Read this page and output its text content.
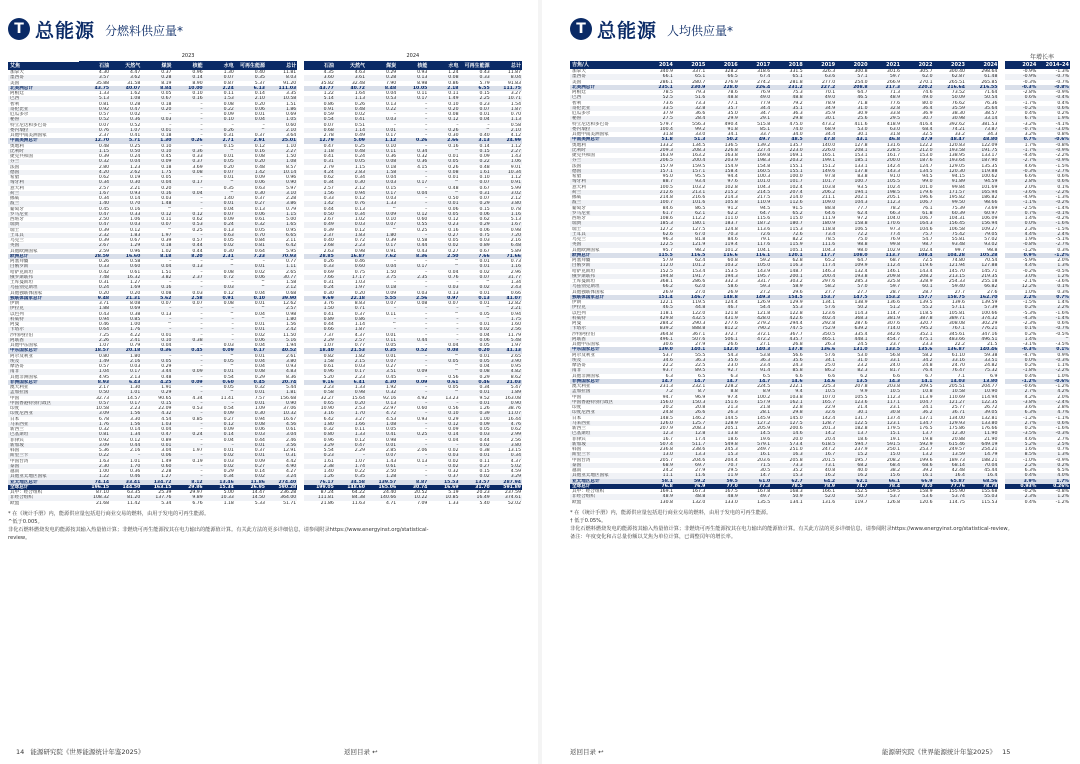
T 总能源 分燃料供应量*
	2023								2024						
艾焦	石油	天然气	煤炭	核能	水电	可再生能源	总计		石油	天然气	煤炭	核能	水电	可再生能源	总计
加拿大	4.30	4.47	0.37	0.96	1.30	0.40	11.81		4.35	4.63	0.29	0.93	1.24	0.43	11.87
墨西哥	3.57	3.62	0.28	0.14	0.07	0.35	8.03		3.60	3.61	0.28	0.13	0.08	0.33	8.04
美国	35.88	31.58	8.19	8.90	0.87	5.37	91.20		35.82	32.48	7.90	8.98	0.86	5.79	91.83
北美洲总计	43.75	40.07	8.84	10.00	2.24	6.13	111.03		43.77	40.72	8.48	10.05	2.18	6.55	111.75
阿根廷	1.33	1.62	0.05	0.10	0.11	0.14	3.35		1.22	1.64	0.04	0.11	0.11	0.15	3.27
巴西	5.13	1.08	0.67	0.16	1.53	2.10	10.58		5.14	1.13	0.53	0.17	1.49	2.25	10.71
智利	0.81	0.28	0.18	–	0.08	0.20	1.51		0.86	0.26	0.13	–	0.10	0.23	1.54
哥伦比亚	0.92	0.47	0.20	–	0.22	0.06	1.86		0.91	0.48	0.22	–	0.20	0.07	1.87
厄瓜多尔	0.57	0.02	–	–	0.09	0.01	0.69		0.59	0.02	–	–	0.08	0.01	0.70
秘鲁	0.52	0.36	0.03	–	0.10	0.04	1.05		0.54	0.41	0.03	–	0.12	0.04	1.13
特立尼达和多巴哥	0.07	0.52	–	–	–	–	0.60		0.07	0.51	–	–	–	–	0.58
委内瑞拉	0.76	1.07	0.01	–	0.26	^	2.10		0.68	1.14	0.01	–	0.26	^	2.10
其他中南美洲国家	2.37	0.41	0.18	–	0.31	0.37	3.64		2.78	0.49	0.17	–	0.30	0.40	4.12
中南美洲总计	12.70	5.71	1.30	0.26	2.71	2.91	25.01		12.79	5.09	1.12	0.26	2.66	3.13	24.99
奥地利	0.48	0.25	0.10	–	0.15	0.12	1.10		0.47	0.25	0.10	–	0.16	0.14	1.12
比利时	1.15	0.50	0.10	0.36	^	0.16	2.27		1.18	0.48	0.11	0.34	^	0.15	2.27
捷克共和国	0.39	0.24	0.45	0.33	0.01	0.08	1.50		0.41	0.24	0.36	0.32	0.01	0.09	1.43
芬兰	0.32	0.04	0.09	0.37	0.05	0.20	1.08		0.31	0.05	0.08	0.36	0.05	0.22	1.06
法国	2.80	1.23	0.18	3.69	0.20	0.48	8.57		2.79	1.15	0.18	4.15	0.26	0.48	9.01
德国	4.20	2.62	1.75	0.08	0.07	1.42	10.14		4.24	2.83	1.58	–	0.08	1.61	10.34
希腊	0.62	0.19	0.05	–	0.01	0.09	0.96		0.62	0.34	0.04	–	0.01	0.10	1.12
匈牙利	0.34	0.30	0.04	0.17	^	0.06	0.90		0.34	0.30	0.03	0.17	^	0.07	0.91
意大利	2.57	2.21	0.20	–	0.35	0.63	5.97		2.57	2.12	0.15	–	0.48	0.67	5.99
荷兰	1.67	0.93	0.16	0.04	^	0.30	3.10		1.56	0.94	0.17	0.04	^	0.31	3.02
挪威	0.34	0.14	0.03	–	1.40	0.37	2.28		0.33	0.12	0.03	–	0.50	0.07	2.12
波兰	1.40	0.70	1.48	–	0.01	0.27	3.86		1.42	0.76	1.33	–	0.01	0.29	3.80
葡萄牙	0.45	0.16	^	–	0.04	0.13	0.79		0.44	0.13	^	–	0.06	0.15	0.78
罗马尼亚	0.47	0.33	0.12	0.12	0.07	0.06	1.15		0.50	0.34	0.09	0.12	0.05	0.06	1.16
西班牙	2.50	1.06	0.11	0.62	0.09	0.61	5.00		2.67	1.02	0.10	0.60	0.12	0.62	5.13
瑞典	0.47	0.03	0.07	0.53	0.24	0.32	1.65		0.49	0.03	0.07	0.55	0.23	0.29	1.67
瑞士	0.39	0.12	^	0.25	0.13	0.05	0.95		0.39	0.12	^	0.25	0.16	0.06	0.98
土耳其	2.32	1.83	1.97	–	0.63	0.70	6.65		2.37	1.83	1.80	–	0.27	0.75	7.20
乌克兰	0.39	0.67	0.39	0.57	0.05	0.84	2.11		0.40	0.72	0.39	0.58	0.05	0.03	2.16
英国	2.67	1.29	0.18	0.44	0.02	0.81	6.42		2.68	2.23	0.17	0.44	0.02	0.89	6.48
其他欧洲国家	2.59	0.96	1.02	0.44	0.30	0.64	5.95		2.63	0.98	0.91	0.43	0.27	0.67	5.89
欧洲总计	28.59	16.60	8.18	8.20	2.31	7.23	70.93		28.85	16.87	7.62	8.36	2.50	7.66	71.66
阿塞拜疆	0.26	0.58	–	–	^	–	0.77		0.26	0.46	–	–	^	0.01	0.73
白俄罗斯	0.33	0.60	0.04	0.13	^	0.01	1.11		0.33	0.60	0.04	0.17	^	0.01	1.16
哈萨克斯坦	0.42	0.61	1.51	–	0.08	0.02	2.65		0.69	0.75	1.50	–	0.04	0.02	2.96
俄罗斯联邦	7.48	16.32	3.82	2.37	0.72	0.06	30.77		7.66	17.17	3.75	2.35	0.76	0.07	31.77
土库曼斯坦	0.31	1.27	–	–	–	^	1.58		0.31	1.03	–	–	–	^	1.34
乌兹别克斯坦	0.24	1.69	0.16	–	0.03	^	2.12		0.24	1.97	0.18	–	0.03	0.02	2.43
其他独联体国家	0.20	0.20	0.08	0.03	0.12	0.04	0.68		0.30	0.20	0.09	0.03	0.13	0.01	0.66
独联体国家总计	9.48	21.31	5.62	2.58	0.91	0.10	39.90		9.69	22.18	5.55	2.56	0.97	0.13	41.07
伊朗	3.71	8.08	0.07	0.07	0.08	0.01	12.62		3.76	8.83	0.07	0.08	0.07	0.01	12.82
伊拉克	1.88	0.69	–	–	–	^	2.57		1.50	0.71	–	–	–	^	2.21
以色列	0.43	0.38	0.13	–	^	0.04	0.98		0.41	0.37	0.11	–	^	0.05	0.94
科威特	0.94	0.85	–	–	–	^	1.80		0.89	0.86	–	–	–	^	1.75
阿曼	0.46	1.00	^	–	–	0.01	1.56		0.44	1.14	^	–	–	0.01	1.60
卡塔尔	0.64	1.76	–	–	–	0.01	2.42		0.66	1.87	–	–	–	0.02	2.56
沙特阿拉伯	7.25	4.22	0.01	–	–	0.02	11.50		7.37	4.37	0.01	–	–	0.04	11.79
阿联酋	2.26	2.41	0.10	0.38	–	0.06	5.16		2.29	2.57	0.11	0.44	–	0.06	5.48
其他中东国家	1.07	0.79	0.04	–	0.03	0.04	1.94		1.07	0.77	0.05	–	0.04	0.05	1.97
中东国家总计	18.57	20.18	0.36	0.45	0.09	0.17	40.52		18.40	21.53	0.35	0.52	0.08	0.20	41.13
阿尔及利亚	0.80	1.80	–	–	^	0.01	2.61		0.82	1.82	0.01	–	^	0.01	2.65
埃及	1.49	2.16	0.05	–	0.05	0.04	3.80		1.58	2.15	0.07	–	0.05	0.05	3.90
摩洛哥	0.57	0.03	0.29	–	^	0.04	0.93		0.61	0.03	0.27	–	^	0.04	0.95
南非	1.04	0.17	3.44	0.09	0.01	0.08	4.83		0.96	0.17	3.51	0.09	^	0.08	4.82
其他非洲国家	4.95	2.13	0.48	–	0.54	0.29	8.36		5.20	2.23	0.45	–	0.56	0.29	8.62
非洲国家总计	8.93	6.43	4.25	0.09	0.60	0.45	20.74		9.16	6.41	4.30	0.09	0.61	0.46	21.03
澳大利亚	2.17	1.30	1.91	–	0.05	0.32	5.44		2.23	1.33	1.92	–	0.05	0.34	5.47
孟加拉国	0.50	1.01	0.29	–	^	0.01	1.81		0.58	0.98	0.32	–	^	0.01	1.89
中国	32.73	14.57	90.65	4.34	11.41	7.57	156.68		32.27	15.64	92.16	4.92	13.23	9.52	163.08
中国香港特别行政区	0.57	0.17	0.15	–	–	0.01	0.90		0.65	0.20	0.13	–	–	0.01	0.90
印度	10.58	2.23	22.09	0.53	0.54	1.09	37.06		10.90	2.53	22.97	0.60	0.56	1.26	38.76
印度尼西亚	3.09	1.56	4.32	–	0.09	0.30	10.32		3.16	1.70	4.72	–	0.10	0.39	11.07
日本	6.78	3.30	4.54	0.85	0.27	0.94	16.67		6.42	3.27	4.53	0.93	0.29	1.00	16.44
马来西亚	1.76	1.56	1.03	–	0.12	0.08	4.56		1.80	1.66	1.08	–	0.12	0.09	4.76
新西兰	0.32	0.14	0.04	–	0.09	0.06	0.61		0.32	0.11	0.05	–	0.09	0.05	0.62
巴基斯坦	0.81	1.34	0.47	0.24	0.14	0.03	3.04		0.80	1.33	0.41	0.25	0.14	0.03	2.99
菲律宾	0.92	0.12	0.89	–	0.04	0.44	2.46		0.96	0.12	0.98	–	0.04	0.44	2.56
新加坡	3.09	0.44	0.01	–	–	0.01	3.56		3.29	0.47	0.01	–	–	0.02	3.80
韩国	5.36	2.16	3.04	1.97	0.01	0.37	12.91		5.54	2.29	2.85	2.06	0.02	0.38	13.15
斯里兰卡	0.22	–	0.06	–	0.02	0.01	0.31		0.23	–	0.07	–	0.03	0.01	0.34
中国台湾	1.63	1.01	1.49	0.19	0.03	0.09	4.42		1.61	1.07	1.43	0.13	0.02	0.11	4.37
泰国	2.30	1.70	0.60	–	0.02	0.27	4.90		2.38	1.74	0.61	–	0.02	0.27	5.02
越南	1.00	0.36	2.28	–	0.29	0.14	4.27		1.40	0.22	2.50	–	0.32	0.15	4.59
其他亚太地区国家	1.22	0.46	1.27	–	0.34	0.02	3.24		1.26	0.35	1.28	–	0.37	0.02	3.29
亚太地区总计	74.14	33.41	134.72	8.12	13.46	11.86	274.40		76.17	34.58	139.57	8.87	15.53	13.57	287.94
全球总计	196.15	144.50	163.15	29.86	15.34	26.95	590.28		199.05	148.60	165.06	30.74	16.69	31.70	591.89
其中：经合组织	87.10	63.35	25.39	29.97	5.00	14.47	236.28		87.24	64.22	24.40	20.52	5.19	20.23	237.59
非经合组织	108.32	81.20	137.76	9.89	10.33	14.50	364.00		111.81	84.38	140.66	10.22	10.85	16.49	374.61
欧盟	21.68	11.42	5.34	6.76	1.18	5.33	51.71		21.86	11.63	4.71	7.09	1.33	5.40	52.02
* 在《统计手册》内，能源供应量包括进行商业交易的燃料，由用于发电的可再生能源。
^低于0.005。
非化石燃料燃烧发电的能源按其输入热量值计算；非燃烧可再生能源按其在电力输出的能源值计算。有关此方法的更多详细信息，请参阅附录https://www.energyinst.org/statistical-
review。
14 能源研究院《世界能源统计年鉴2025》	返回目录 ↩
T 总能源 人均供应量*
年增长率
吉焦/人	2014	2015	2016	2017	2018	2019	2020	2021	2022	2023	2024		2024	2014–24
加拿大	340.9	337.1	328.2	318.6	331.5	326.3	300.8	301.6	305.7	300.40	298.64		-0.9%	-1.3%
墨西哥	66.1	65.1	66.5	67.4	65.1	63.6	57.1	59.7	62.0	62.87	61.48		-0.9%	-0.7%
美国	286.1	280.7	276.9	274.2	281.8	277.0	254.0	266.9	270.1	265.51	265.85		-0.3%	-0.7%
北美洲总计	235.1	230.9	228.0	226.4	231.2	227.2	208.8	217.3	220.2	216.64	216.55		-0.3%	-0.8%
阿根廷	78.5	79.3	78.6	76.9	75.3	70.1	64.7	71.3	74.6	73.52	71.64		-2.8%	-0.9%
巴西	52.5	51.6	48.8	49.0	48.8	49.0	46.5	48.9	49.0	50.09	50.54		0.6%	-0.4%
智利	73.6	73.3	77.1	77.9	79.2	78.9	71.8	77.6	80.0	76.62	76.36		-1.7%	0.4%
哥伦比亚	33.5	32.8	35.7	34.4	35.1	34.9	31.0	32.8	36.4	35.59	35.64		-0.2%	0.6%
厄瓜多尔	37.9	36.6	35.0	34.7	36.3	35.9	30.9	33.8	36.9	38.30	38.57		0.4%	0.2%
秘鲁	27.5	28.4	29.9	29.1	29.8	30.1	25.6	29.5	30.7	30.98	33.14		6.7%	1.9%
特立尼达和多巴哥	579.7	556.3	490.4	515.8	475.0	473.2	411.6	418.9	416.4	392.62	381.53		-3.2%	-4.1%
委内瑞拉	100.4	99.2	91.8	85.1	74.0	68.9	53.0	63.0	68.4	74.21	73.87		-0.7%	-3.0%
其他中南美洲国家	31.8	33.0	34.1	33.7	34.0	34.4	30.1	31.8	32.5	33.2	34.3		3.2%	0.8%
中南美洲总计	51.8	51.3	50.2	49.7	48.5	47.8	43.1	46.8	47.9	48.47	48.80		0.7%	-0.6%
奥地利	133.2	134.5	136.5	139.2	135.7	140.0	127.8	131.6	122.2	120.83	122.09		1.7%	-0.8%
比利时	209.3	208.3	226.8	227.4	223.0	226.0	208.1	228.5	212.0	193.58	191.75		-1.7%	-0.9%
捷克共和国	163.9	163.2	163.8	169.8	169.1	165.1	153.1	161.7	153.0	138.95	133.17		-4.4%	-2.2%
芬兰	206.5	200.4	203.9	198.3	203.2	199.1	185.1	200.0	187.6	193.64	187.90		-2.7%	-0.9%
法国	157.9	159.5	154.9	154.8	155.1	151.2	133.1	142.4	124.7	129.05	135.35		4.6%	-1.5%
德国	157.1	157.1	158.4	160.5	155.1	149.6	137.8	143.3	134.5	120.30	119.88		-0.3%	-2.7%
希腊	95.0	95.5	94.4	100.3	100.0	97.8	83.8	91.0	94.5	94.15	100.62		6.6%	0.6%
匈牙利	88.7	93.4	97.6	101.0	101.7	101.7	100.7	105.5	99.0	91.89	94.59		2.8%	0.6%
意大利	100.5	103.2	102.8	104.3	102.4	103.8	93.5	102.4	101.0	99.84	101.69		2.0%	0.1%
荷兰	212.6	213.1	215.2	214.5	207.4	206.2	194.1	198.5	179.6	171.57	165.94		-3.6%	-2.2%
挪威	214.8	216.6	214.3	217.5	214.0	211.1	202.1	205.1	196.6	195.82	186.82		-4.9%	-1.3%
波兰	100.7	101.6	105.8	110.9	112.6	109.0	104.3	112.3	106.7	99.50	98.66		-1.1%	-0.2%
葡萄牙	84.6	86.5	91.2	94.5	91.5	88.8	77.7	78.2	76.1	75.39	73.69		-2.5%	-1.4%
罗马尼亚	61.7	62.1	62.2	64.7	65.2	64.6	62.4	66.3	61.8	60.39	60.97		0.7%	-0.1%
西班牙	108.6	112.2	111.0	115.6	115.0	111.9	97.2	104.0	106.7	104.31	106.09		1.4%	-0.2%
瑞典	185.3	180.1	183.7	187.2	180.7	180.9	158.8	170.6	164.3	156.45	156.94		0.0%	-1.6%
瑞士	127.2	127.5	124.8	113.6	115.3	118.8	106.5	97.3	104.6	106.58	109.27		2.3%	-1.5%
土耳其	62.6	67.0	70.3	72.6	72.6	73.4	72.2	77.4	75.7	75.42	79.05		4.4%	2.4%
乌克兰	96.3	81.8	84.6	79.1	82.2	78.5	75.0	76.9	54.7	55.81	57.02		1.9%	-5.1%
英国	122.5	121.9	119.4	117.6	115.9	111.6	98.8	99.8	98.7	93.48	93.02		-0.8%	-2.7%
其他欧洲国家	95.7	98.2	101.2	104.1	105.1	104.3	98.0	102.9	102.4	99.7	98.8		-1.2%	0.3%
欧洲总计	115.5	116.5	116.6	116.1	120.1	117.7	108.0	113.7	108.4	104.28	105.28		0.9%	-1.2%
阿塞拜疆	57.9	62.4	60.8	59.2	62.8	65.2	64.7	68.7	72.5	74.80	70.54		-5.9%	2.0%
白俄罗斯	112.0	101.2	103.2	105.0	116.3	117.4	109.9	112.4	119.6	121.94	127.88		4.4%	1.3%
哈萨克斯坦	152.5	153.4	153.5	143.9	148.7	146.3	132.4	146.1	143.4	145.70	145.71		-0.2%	-0.5%
俄罗斯联邦	194.8	191.7	194.3	195.7	200.1	200.4	193.8	209.8	208.2	213.15	219.35		3.0%	1.2%
土库曼斯坦	368.1	286.6	332.3	331.7	303.2	297.6	285.3	325.8	328.9	254.33	255.18		-2.1%	-3.6%
乌兹别克斯坦	66.2	62.0	58.6	59.3	58.9	58.2	57.0	59.7	60.1	59.40	66.82		12.2%	0.1%
其他独联体国家	26.9	27.0	26.9	27.2	29.6	27.7	27.7	28.7	28.7	27.7	27.6		1.0%	0.3%
独联体国家总计	151.4	146.7	148.8	149.3	154.5	153.7	147.5	153.2	157.7	158.75	162.70		2.2%	0.7%
伊朗	122.1	119.5	124.4	126.9	129.9	134.1	138.9	136.6	139.5	139.6	139.59		-1.5%	1.4%
伊拉克	46.5	44.8	46.7	54.4	55.3	57.6	50.2	51.2	55.2	57.11	57.39		0.2%	2.2%
以色列	118.1	122.0	121.8	121.8	122.8	123.6	114.3	114.7	118.5	105.81	100.66		-5.3%	-1.6%
科威特	429.8	432.5	431.9	428.0	422.6	402.4	368.3	381.9	387.8	389.71	374.32		-4.3%	-1.4%
阿曼	284.2	290.3	277.6	279.2	294.4	292.8	287.6	307.6	320.7	308.08	302.29		-2.3%	0.6%
卡塔尔	839.2	888.8	812.2	790.2	747.5	752.9	639.2	714.0	795.2	767.1	776.21		0.1%	-0.7%
沙特阿拉伯	364.8	367.1	372.7	372.1	367.7	350.5	335.4	342.6	352.1	345.61	347.16		0.2%	-0.5%
阿联酋	496.1	507.6	506.1	472.2	435.7	465.1	448.1	454.7	475.1	483.66	496.51		1.4%	^
其他中东国家	30.6	27.9	26.6	27.1	26.8	26.3	24.5	23.7	23.3	22.2	21.5		-3.1%	-3.5%
中东国家总计	139.0	140.1	142.0	140.3	137.8	136.6	131.0	133.5	135.6	136.87	140.46		-0.3%	0.1%
阿尔及利亚	53.7	55.5	54.3	53.8	56.6	57.6	53.0	56.8	58.2	61.10	59.38		-4.7%	0.9%
埃及	34.6	36.3	35.6	36.3	35.6	34.1	31.0	33.1	34.2	33.16	33.51		0.0%	-0.3%
摩洛哥	22.2	22.5	23.0	23.4	24.3	25.0	23.2	24.0	24.8	24.70	24.82		0.2%	1.1%
南非	93.7	89.5	92.7	91.4	85.8	86.2	82.3	81.7	76.4	76.47	75.32		-1.8%	-2.2%
其他非洲国家	6.3	6.5	6.3	6.5	6.6	6.6	6.2	6.6	6.7	7.1	6.9		0.4%	1.0%
非洲国家总计	14.7	14.7	14.7	14.7	14.6	14.6	13.5	14.3	14.1	14.03	13.80		-1.2%	-0.6%
澳大利亚	231.3	232.1	228.2	224.5	222.1	225.3	207.8	203.8	209.5	205.51	204.77		-0.6%	-1.2%
孟加拉国	7.2	8.7	8.8	8.9	9.4	10.5	9.9	10.5	10.8	10.58	10.90		2.7%	4.2%
中国	94.7	96.9	97.4	100.2	103.8	107.0	105.5	112.3	113.9	110.69	114.94		4.2%	2.0%
中国香港特别行政区	156.0	150.3	151.6	157.9	162.1	165.7	123.6	117.1	104.7	121.27	122.35		-3.8%	-2.4%
印度	20.2	20.8	21.3	21.8	22.8	22.9	21.4	23.1	24.1	25.77	26.72		3.6%	2.8%
印度尼西亚	24.8	26.6	26.3	28.1	29.8	32.6	30.1	30.8	36.2	36.71	39.05		6.3%	4.7%
日本	148.5	146.2	144.5	145.9	145.0	142.4	131.7	137.4	137.1	134.00	132.81		-1.2%	-1.1%
马来西亚	126.0	125.7	128.9	127.2	127.5	128.7	122.5	123.1	134.7	129.93	133.80		2.7%	0.6%
新西兰	207.9	208.3	205.1	205.9	200.6	201.3	182.8	179.5	176.5	175.86	176.66		0.2%	-1.6%
巴基斯坦	12.3	12.8	13.8	14.5	14.6	14.2	13.7	15.1	13.7	12.30	11.90		-3.5%	-0.3%
菲律宾	16.7	17.4	18.6	19.6	20.0	20.4	18.6	19.1	19.8	20.88	21.90		4.6%	2.7%
新加坡	507.4	511.7	549.8	579.1	573.4	618.5	594.7	591.5	592.9	615.46	649.19		5.2%	2.5%
韩国	236.8	238.6	245.3	249.7	251.0	247.2	237.9	250.1	253.7	249.57	254.21		1.6%	0.7%
斯里兰卡	13.0	13.3	15.3	16.1	16.3	16.7	15.2	15.0	13.2	13.59	14.79		8.5%	1.3%
中国台湾	205.7	204.6	204.4	203.6	205.8	201.5	195.7	208.2	199.6	189.73	188.21		-1.0%	-0.9%
泰国	68.9	69.7	70.7	71.5	73.3	73.1	68.2	68.4	68.6	68.14	70.04		2.2%	0.2%
越南	24.2	27.9	29.5	30.5	35.2	40.8	40.0	38.2	39.2	42.48	45.44		6.3%	6.5%
其他亚太地区国家	11.1	11.6	11.9	14.7	15.3	16.2	16.2	15.6	16.1	16.4	16.4		0.4%	4.0%
亚太地区总计	58.1	59.2	59.5	61.0	62.7	64.2	62.1	66.1	66.9	65.87	68.56		3.9%	1.7%
全球总计	76.8	76.9	77.0	77.3	78.5	78.9	74.7	78.4	78.0	77.76	78.78		0.93%	0.26%
其中：经合组织	169.1	167.3	167.5	167.8	168.3	166.1	152.5	159.5	158.9	155.90	155.68		-0.2%	-0.8%
非经合组织	48.9	48.8	48.9	49.7	50.9	52.0	50.7	53.7	53.6	53.74	55.03		2.3%	1.2%
欧盟	130.8	132.0	133.0	135.5	134.1	131.6	119.7	126.8	120.6	114.75	115.53		0.4%	-1.2%
* 在《统计手册》内，能源供应量包括进行商业交易的燃料，由用于发电的可再生能源。
† 低于0.05%。
非化石燃料燃烧发电的能源按其输入热量值计算；非燃烧可再生能源按其在电力输出的能源值计算。有关此方法的更多详细信息，请参阅附录https://www.energyinst.org/statistical-review。
备注：年度变化和占总量份额以艾焦为单位计算，已调整闰年的增长率。
返回目录 ↩	能源研究院《世界能源统计年鉴2025》 15
